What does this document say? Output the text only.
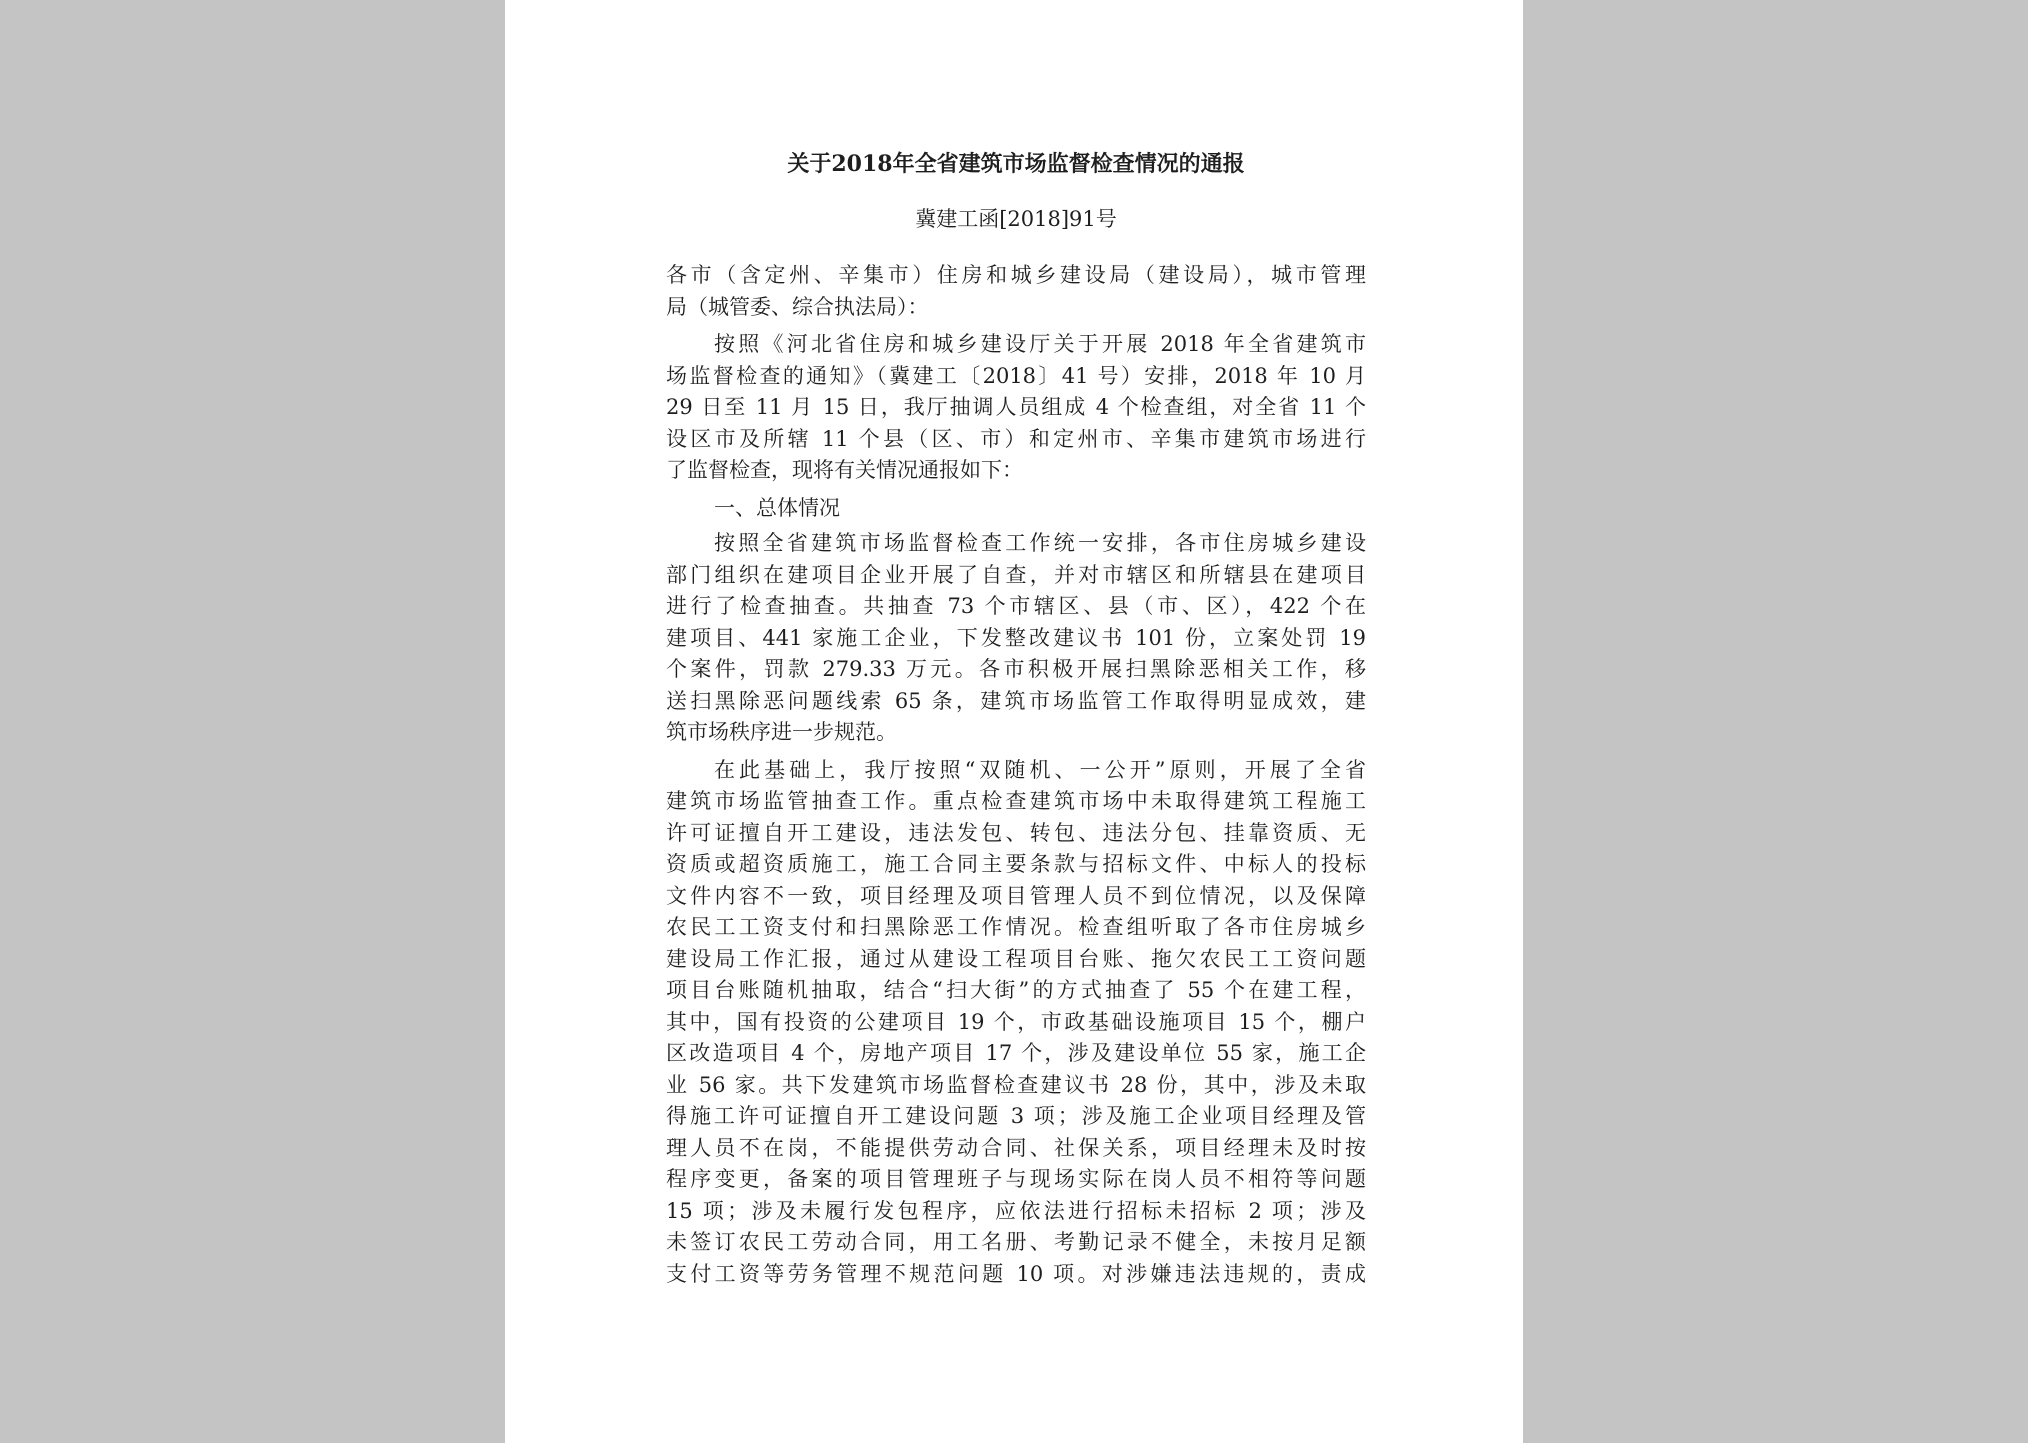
关于2018年全省建筑市场监督检查情况的通报
冀建工函[2018]91号
各市（含定州、辛集市）住房和城乡建设局（建设局），城市管理
局（城管委、综合执法局）：
按照《河北省住房和城乡建设厅关于开展 2018 年全省建筑市
场监督检查的通知》（冀建工〔2018〕41 号）安排，2018 年 10 月
29 日至 11 月 15 日，我厅抽调人员组成 4 个检查组，对全省 11 个
设区市及所辖 11 个县（区、市）和定州市、辛集市建筑市场进行
了监督检查，现将有关情况通报如下：
一、总体情况
按照全省建筑市场监督检查工作统一安排，各市住房城乡建设
部门组织在建项目企业开展了自查，并对市辖区和所辖县在建项目
进行了检查抽查。共抽查 73 个市辖区、县（市、区），422 个在
建项目、441 家施工企业，下发整改建议书 101 份，立案处罚 19
个案件，罚款 279.33 万元。各市积极开展扫黑除恶相关工作，移
送扫黑除恶问题线索 65 条，建筑市场监管工作取得明显成效，建
筑市场秩序进一步规范。
在此基础上，我厅按照“双随机、一公开”原则，开展了全省
建筑市场监管抽查工作。重点检查建筑市场中未取得建筑工程施工
许可证擅自开工建设，违法发包、转包、违法分包、挂靠资质、无
资质或超资质施工，施工合同主要条款与招标文件、中标人的投标
文件内容不一致，项目经理及项目管理人员不到位情况，以及保障
农民工工资支付和扫黑除恶工作情况。检查组听取了各市住房城乡
建设局工作汇报，通过从建设工程项目台账、拖欠农民工工资问题
项目台账随机抽取，结合“扫大街”的方式抽查了 55 个在建工程，
其中，国有投资的公建项目 19 个，市政基础设施项目 15 个，棚户
区改造项目 4 个，房地产项目 17 个，涉及建设单位 55 家，施工企
业 56 家。共下发建筑市场监督检查建议书 28 份，其中，涉及未取
得施工许可证擅自开工建设问题 3 项；涉及施工企业项目经理及管
理人员不在岗，不能提供劳动合同、社保关系，项目经理未及时按
程序变更，备案的项目管理班子与现场实际在岗人员不相符等问题
15 项；涉及未履行发包程序，应依法进行招标未招标 2 项；涉及
未签订农民工劳动合同，用工名册、考勤记录不健全，未按月足额
支付工资等劳务管理不规范问题 10 项。对涉嫌违法违规的，责成
